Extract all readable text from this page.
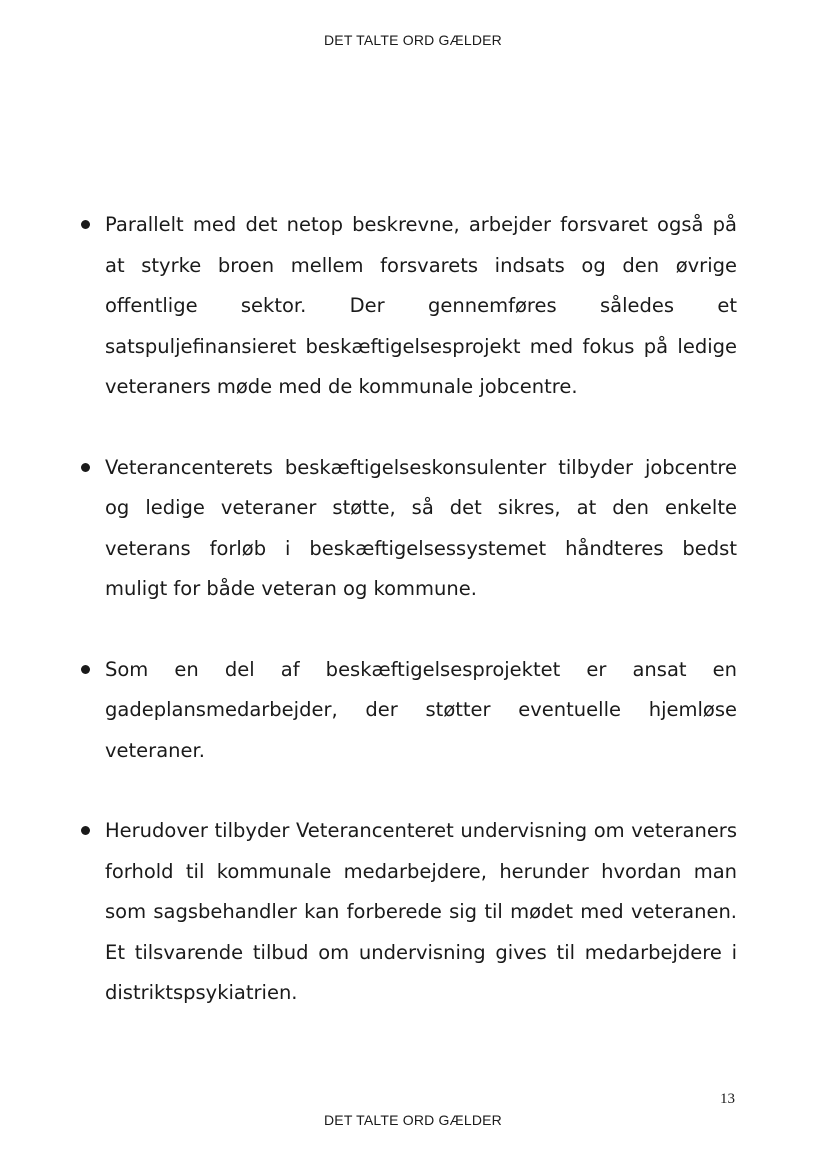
DET TALTE ORD GÆLDER
Parallelt med det netop beskrevne, arbejder forsvaret også på at styrke broen mellem forsvarets indsats og den øvrige offentlige sektor. Der gennemføres således et satspuljefinansieret beskæftigelsesprojekt med fokus på ledige veteraners møde med de kommunale jobcentre.
Veterancenterets beskæftigelseskonsulenter tilbyder jobcentre og ledige veteraner støtte, så det sikres, at den enkelte veterans forløb i beskæftigelsessystemet håndteres bedst muligt for både veteran og kommune.
Som en del af beskæftigelsesprojektet er ansat en gadeplansmedarbejder, der støtter eventuelle hjemløse veteraner.
Herudover tilbyder Veterancenteret undervisning om veteraners forhold til kommunale medarbejdere, herunder hvordan man som sagsbehandler kan forberede sig til mødet med veteranen. Et tilsvarende tilbud om undervisning gives til medarbejdere i distriktspsykiatrien.
13
DET TALTE ORD GÆLDER
